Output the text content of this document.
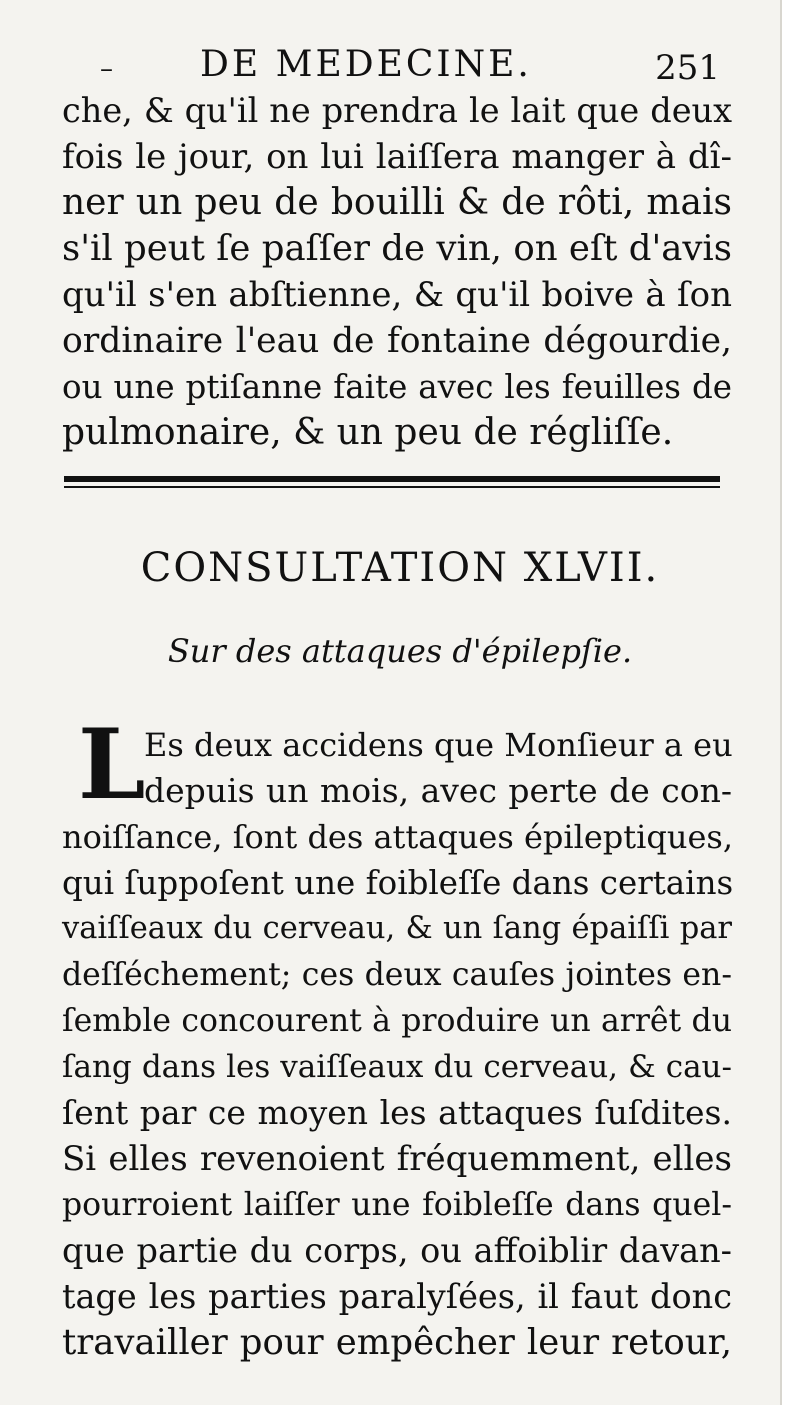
– DE MEDECINE.	251
che, & qu'il ne prendra le lait que deux
fois le jour, on lui laiſſera manger à dî-
ner un peu de bouilli & de rôti, mais
s'il peut ſe paſſer de vin, on eſt d'avis
qu'il s'en abſtienne, & qu'il boive à ſon
ordinaire l'eau de fontaine dégourdie,
ou une ptiſanne faite avec les feuilles de
pulmonaire, & un peu de régliſſe.
CONSULTATION XLVII.
Sur des attaques d'épilepſie.
L
Es deux accidens que Monſieur a eu
depuis un mois, avec perte de con-
noiſſance, ſont des attaques épileptiques,
qui ſuppoſent une foibleſſe dans certains
vaiſſeaux du cerveau, & un ſang épaiſſi par
deſſéchement; ces deux cauſes jointes en-
ſemble concourent à produire un arrêt du
ſang dans les vaiſſeaux du cerveau, & cau-
ſent par ce moyen les attaques ſuſdites.
Si elles revenoient fréquemment, elles
pourroient laiſſer une foibleſſe dans quel-
que partie du corps, ou affoiblir davan-
tage les parties paralyſées, il faut donc
travailler pour empêcher leur retour,
